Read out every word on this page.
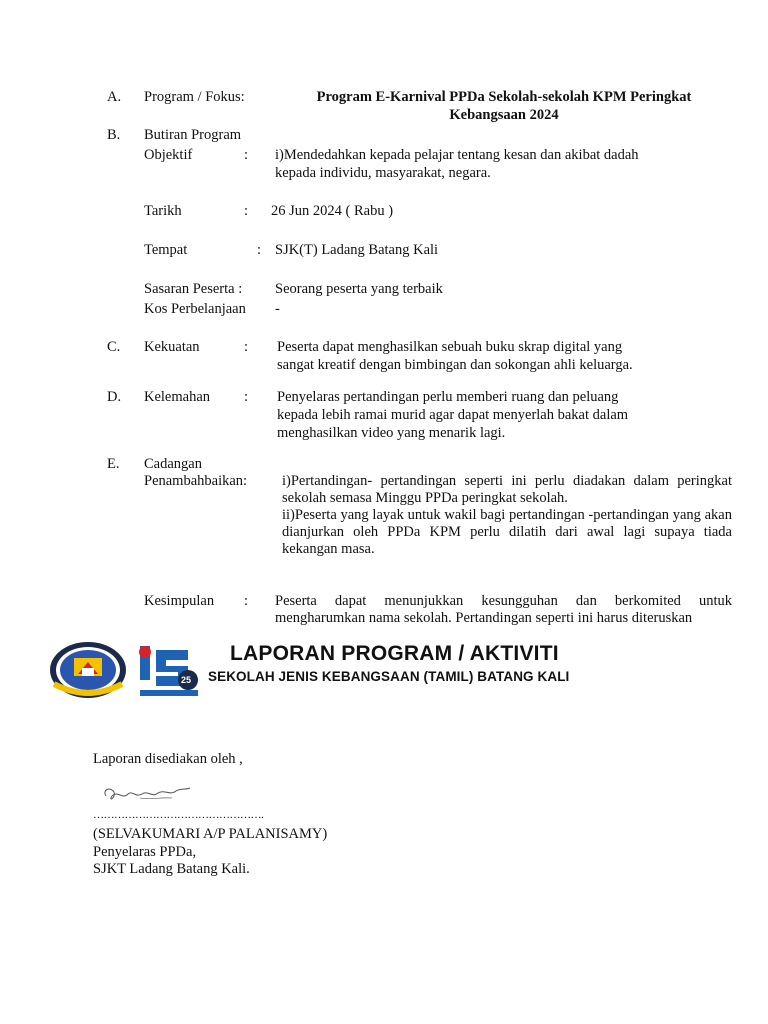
A. Program / Fokus:	Program E-Karnival PPDa Sekolah-sekolah KPM Peringkat
Kebangsaan 2024
B. Butiran Program
Objektif	: i)Mendedahkan kepada pelajar tentang kesan dan akibat dadah
kepada individu, masyarakat, negara.
Tarikh	: 26 Jun 2024 ( Rabu )
Tempat	: SJK(T) Ladang Batang Kali
Sasaran Peserta : Seorang peserta yang terbaik
Kos Perbelanjaan -
C. Kekuatan	: Peserta dapat menghasilkan sebuah buku skrap digital yang
sangat kreatif dengan bimbingan dan sokongan ahli keluarga.
D. Kelemahan : Penyelaras pertandingan perlu memberi ruang dan peluang
kepada lebih ramai murid agar dapat menyerlah bakat dalam
menghasilkan video yang menarik lagi.
E. Cadangan
Penambahbaikan: i)Pertandingan- pertandingan seperti ini perlu diadakan dalam peringkat sekolah semasa Minggu PPDa peringkat sekolah.
ii)Peserta yang layak untuk wakil bagi pertandingan -pertandingan yang akan dianjurkan oleh PPDa KPM perlu dilatih dari awal lagi supaya tiada kekangan masa.
Kesimpulan : Peserta dapat menunjukkan kesungguhan dan berkomited untuk mengharumkan nama sekolah. Pertandingan seperti ini harus diteruskan
25
LAPORAN PROGRAM / AKTIVITI
SEKOLAH JENIS KEBANGSAAN (TAMIL) BATANG KALI
Laporan disediakan oleh ,
………………………………………….
(SELVAKUMARI A/P PALANISAMY)
Penyelaras PPDa,
SJKT Ladang Batang Kali.
